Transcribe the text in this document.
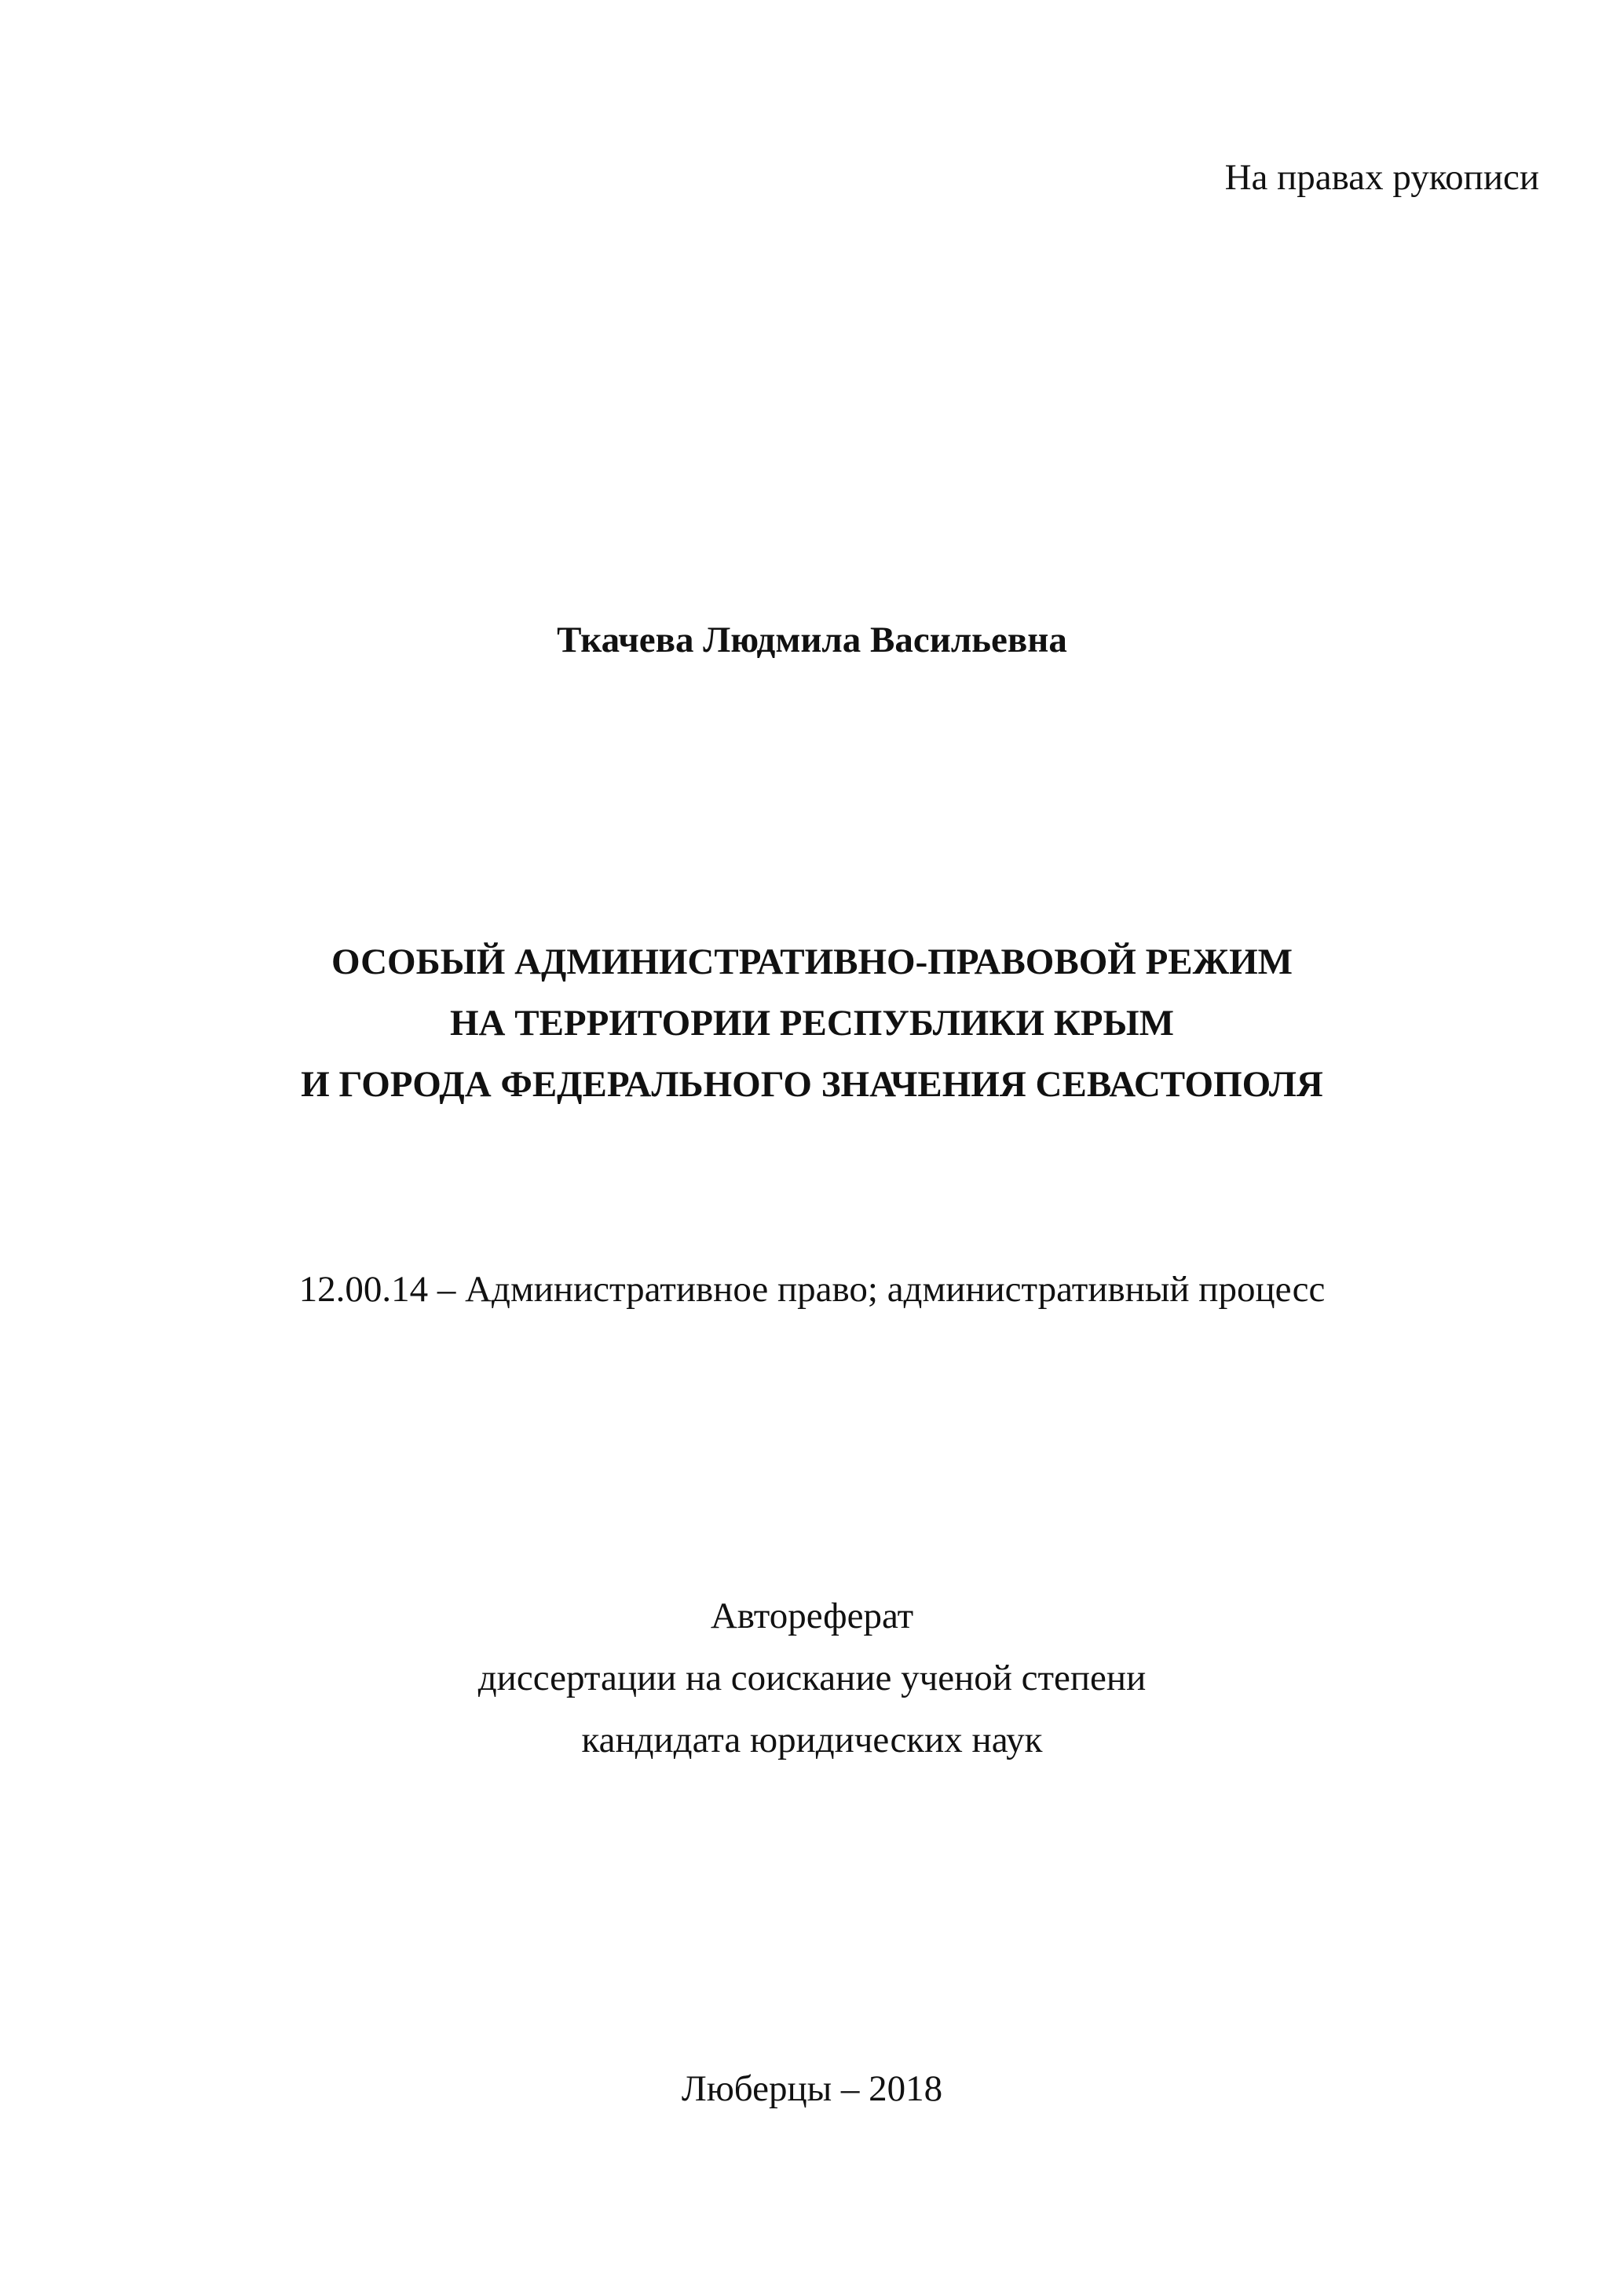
На правах рукописи
Ткачева Людмила Васильевна
ОСОБЫЙ АДМИНИСТРАТИВНО-ПРАВОВОЙ РЕЖИМ
НА ТЕРРИТОРИИ РЕСПУБЛИКИ КРЫМ
И ГОРОДА ФЕДЕРАЛЬНОГО ЗНАЧЕНИЯ СЕВАСТОПОЛЯ
12.00.14 – Административное право; административный процесс
Автореферат
диссертации на соискание ученой степени
кандидата юридических наук
Люберцы – 2018
